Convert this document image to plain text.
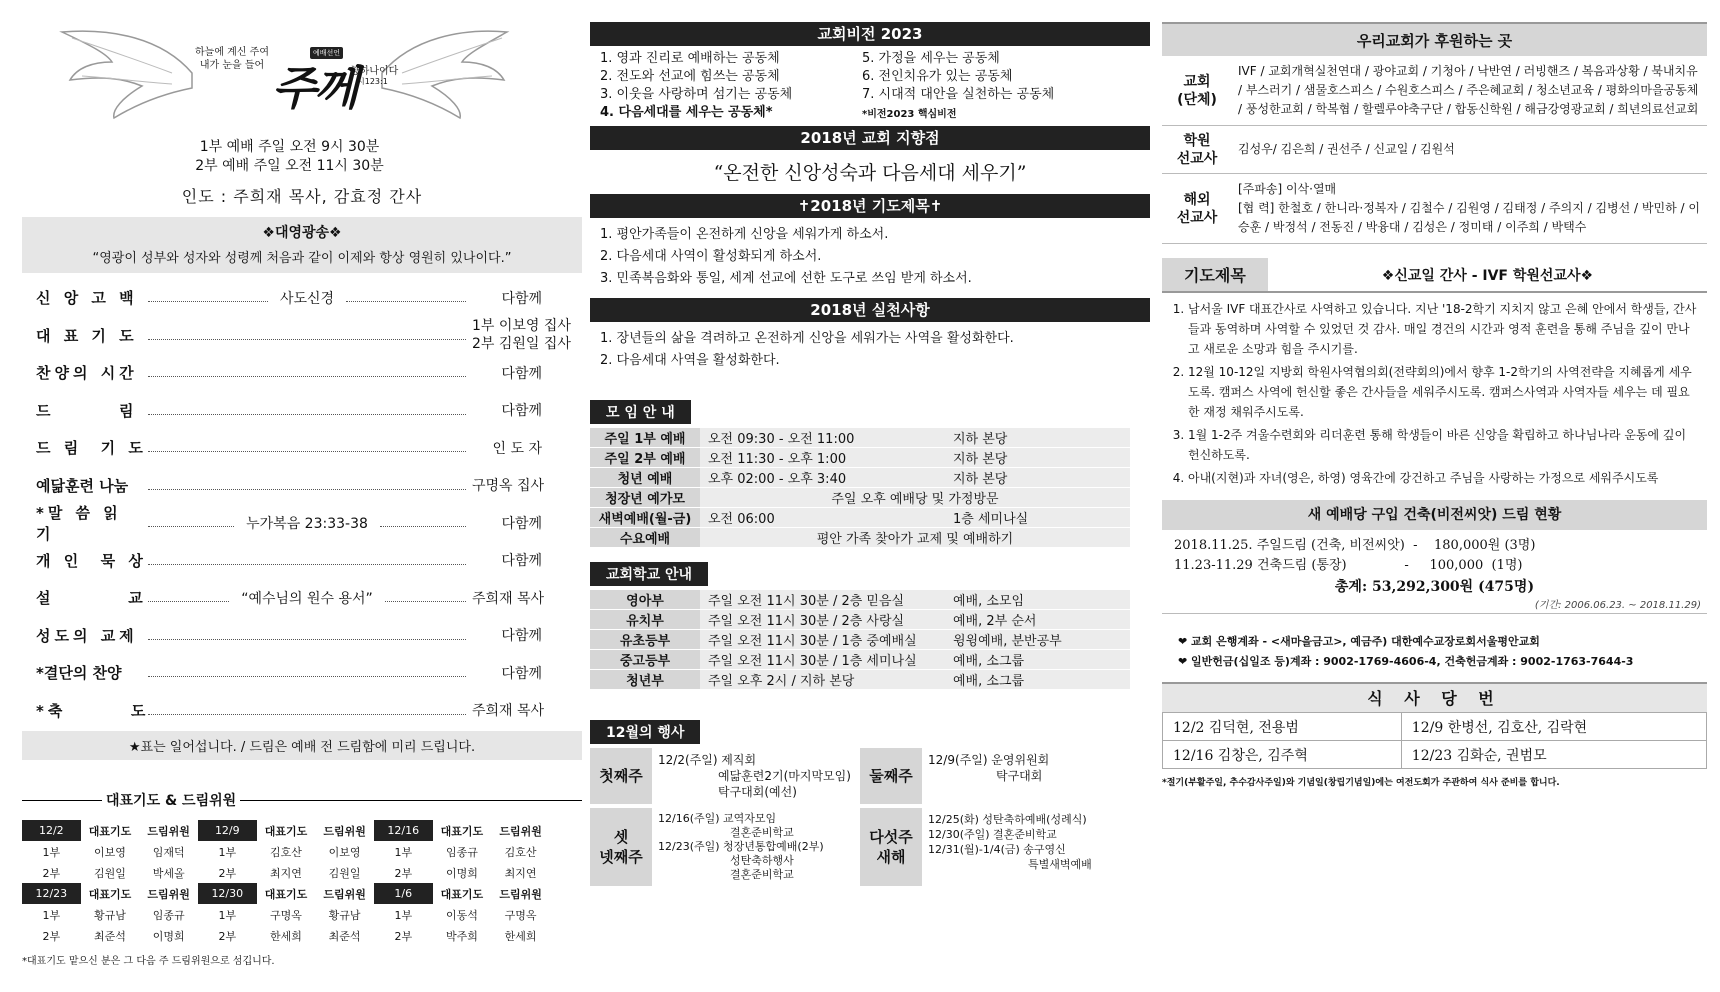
하늘에 계신 주여
내가 눈을 들어
예배선언
주께
향하나이다
시123:1
1부 예배 주일 오전 9시 30분
2부 예배 주일 오전 11시 30분
인도 : 주희재 목사, 감효정 간사
❖대영광송❖
“영광이 성부와 성자와 성령께 처음과 같이 이제와 항상 영원히 있나이다.”
신 앙 고 백	사도신경	다함께
대 표 기 도
1부 이보영 집사
2부 김원일 집사
찬양의 시간	다함께
드       림	다함께
드 림  기 도	인 도 자
예닮훈련 나눔	구명옥 집사
*말 씀 읽 기
누가복음 23:33-38	다함께
개 인  묵 상	다함께
설        교	“예수님의 원수 용서”	주희재 목사
성도의 교제	다함께
*결단의 찬양	다함께
*축       도	주희재 목사
★표는 일어섭니다. / 드림은 예배 전 드림함에 미리 드립니다.
대표기도 & 드림위원
12/2	대표기도	드림위원	12/9	대표기도	드림위원	12/16	대표기도	드림위원
1부	이보영	임재덕	1부	김호산	이보영	1부	임종규	김호산
2부	김원일	박세올	2부	최지연	김원일	2부	이명희	최지연
12/23	대표기도	드림위원	12/30	대표기도	드림위원	1/6	대표기도	드림위원
1부	황규남	임종규	1부	구명옥	황규남	1부	이동석	구명옥
2부	최준석	이명희	2부	한세희	최준석	2부	박주희	한세희
*대표기도 맡으신 분은 그 다음 주 드림위원으로 섬깁니다.
교회비전 2023
1. 영과 진리로 예배하는 공동체
2. 전도와 선교에 힘쓰는 공동체
3. 이웃을 사랑하며 섬기는 공동체
4. 다음세대를 세우는 공동체*
5. 가정을 세우는 공동체
6. 전인치유가 있는 공동체
7. 시대적 대안을 실천하는 공동체
*비전2023 핵심비전
2018년 교회 지향점
“온전한 신앙성숙과 다음세대 세우기”
✝2018년 기도제목✝
1. 평안가족들이 온전하게 신앙을 세워가게 하소서.
2. 다음세대 사역이 활성화되게 하소서.
3. 민족복음화와 통일, 세계 선교에 선한 도구로 쓰임 받게 하소서.
2018년 실천사항
1. 장년들의 삶을 격려하고 온전하게 신앙을 세워가는 사역을 활성화한다.
2. 다음세대 사역을 활성화한다.
모 임 안 내
주일 1부 예배	오전 09:30 - 오전 11:00	지하 본당
주일 2부 예배	오전 11:30 - 오후 1:00	지하 본당
청년 예배	오후 02:00 - 오후 3:40	지하 본당
청장년 예가모	주일 오후 예배당 및 가정방문	
새벽예배(월-금)	오전 06:00	1층 세미나실
수요예배	평안 가족 찾아가 교제 및 예배하기	
교회학교 안내
영아부	주일 오전 11시 30분 / 2층 믿음실	예배, 소모임
유치부	주일 오전 11시 30분 / 2층 사랑실	예배, 2부 순서
유초등부	주일 오전 11시 30분 / 1층 중예배실	윙윙예배, 분반공부
중고등부	주일 오전 11시 30분 / 1층 세미나실	예배, 소그룹
청년부	주일 오후 2시 / 지하 본당	예배, 소그룹
12월의 행사
첫째주
12/2(주일) 제직회
예닮훈련2기(마지막모임)
탁구대회(예선)
둘째주
12/9(주일) 운영위원회
탁구대회
셋
넷째주
12/16(주일) 교역자모임
결혼준비학교
12/23(주일) 청장년통합예배(2부)
성탄축하행사
결혼준비학교
다섯주
새해
12/25(화) 성탄축하예배(성례식)
12/30(주일) 결혼준비학교
12/31(월)-1/4(금) 송구영신
특별새벽예배
우리교회가 후원하는 곳
교회
(단체)
IVF / 교회개혁실천연대 / 광야교회 / 기청아 / 낙반연 / 러빙핸즈 / 복음과상황 / 북내치유 / 부스러기 / 샘물호스피스 / 수원호스피스 / 주은혜교회 / 청소년교육 / 평화의마을공동체 / 풍성한교회 / 학복협 / 할렐루야축구단 / 합동신학원 / 해금강영광교회 / 희년의료선교회
학원
선교사
김성우/ 김은희 / 권선주 / 신교일 / 김원석
해외
선교사
[주파송] 이삭·열매
[협 력] 한철호 / 한니라·정복자 / 김철수 / 김원영 / 김태정 / 주의지 / 김병선 / 박민하 / 이승훈 / 박정석 / 전동진 / 박융대 / 김성은 / 정미태 / 이주희 / 박택수
기도제목	❖신교일 간사 - IVF 학원선교사❖
1. 남서울 IVF 대표간사로 사역하고 있습니다. 지난 '18-2학기 지치지 않고 은혜 안에서 학생들, 간사들과 동역하며 사역할 수 있었던 것 감사. 매일 경건의 시간과 영적 훈련을 통해 주님을 깊이 만나고 새로운 소망과 힘을 주시기를.
2. 12월 10-12일 지방회 학원사역협의회(전략회의)에서 향후 1-2학기의 사역전략을 지혜롭게 세우도록. 캠퍼스 사역에 헌신할 좋은 간사들을 세워주시도록. 캠퍼스사역과 사역자들 세우는 데 필요한 재정 채워주시도록.
3. 1월 1-2주 겨울수련회와 리더훈련 통해 학생들이 바른 신앙을 확립하고 하나님나라 운동에 깊이 헌신하도록.
4. 아내(지현)과 자녀(영은, 하영) 영육간에 강건하고 주님을 사랑하는 가정으로 세워주시도록
새 예배당 구입 건축(비전씨앗) 드림 현황
2018.11.25. 주일드림 (건축, 비전씨앗)  -    180,000원 (3명)
11.23-11.29 건축드림 (통장)              -     100,000  (1명)
총계: 53,292,300원 (475명)
(기간: 2006.06.23. ~ 2018.11.29)
❤ 교회 은행계좌 - <새마을금고>, 예금주) 대한예수교장로회서울평안교회
❤ 일반헌금(십일조 등)계좌 : 9002-1769-4606-4, 건축헌금계좌 : 9002-1763-7644-3
식 사 당 번
12/2 김덕현, 전용범	12/9 한병선, 김호산, 김락현
12/16 김창은, 김주혁	12/23 김화순, 권범모
*절기(부활주일, 추수감사주일)와 기념일(창립기념일)에는 여전도회가 주관하여 식사 준비를 합니다.
